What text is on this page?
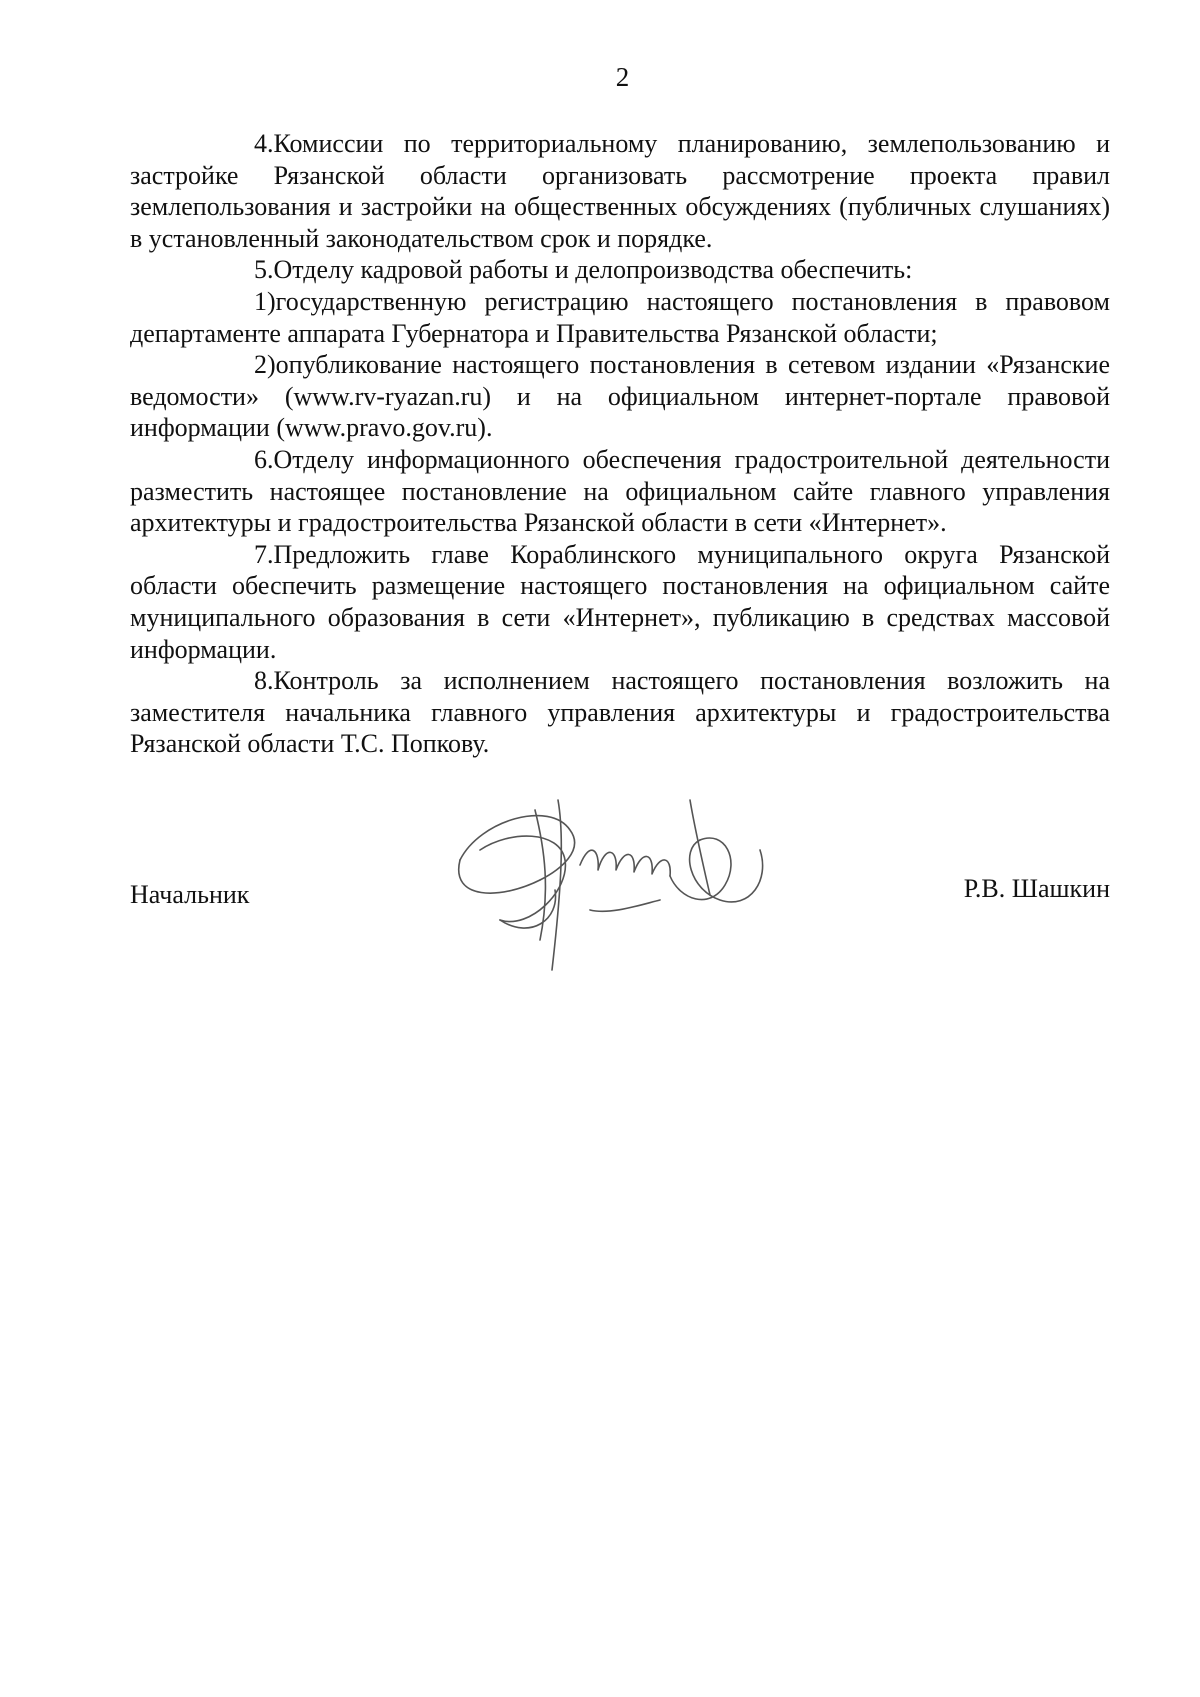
2

4.Комиссии по территориальному планированию, землепользованию и застройке Рязанской области организовать рассмотрение проекта правил землепользования и застройки на общественных обсуждениях (публичных слушаниях) в установленный законодательством срок и порядке.

5.Отделу кадровой работы и делопроизводства обеспечить:

1)государственную регистрацию настоящего постановления в правовом департаменте аппарата Губернатора и Правительства Рязанской области;

2)опубликование настоящего постановления в сетевом издании «Рязанские ведомости» (www.rv-ryazan.ru) и на официальном интернет-портале правовой информации (www.pravo.gov.ru).

6.Отделу информационного обеспечения градостроительной деятельности разместить настоящее постановление на официальном сайте главного управления архитектуры и градостроительства Рязанской области в сети «Интернет».

7.Предложить главе Кораблинского муниципального округа Рязанской области обеспечить размещение настоящего постановления на официальном сайте муниципального образования в сети «Интернет», публикацию в средствах массовой информации.

8.Контроль за исполнением настоящего постановления возложить на заместителя начальника главного управления архитектуры и градостроительства Рязанской области Т.С. Попкову.

Начальник	Р.В. Шашкин
